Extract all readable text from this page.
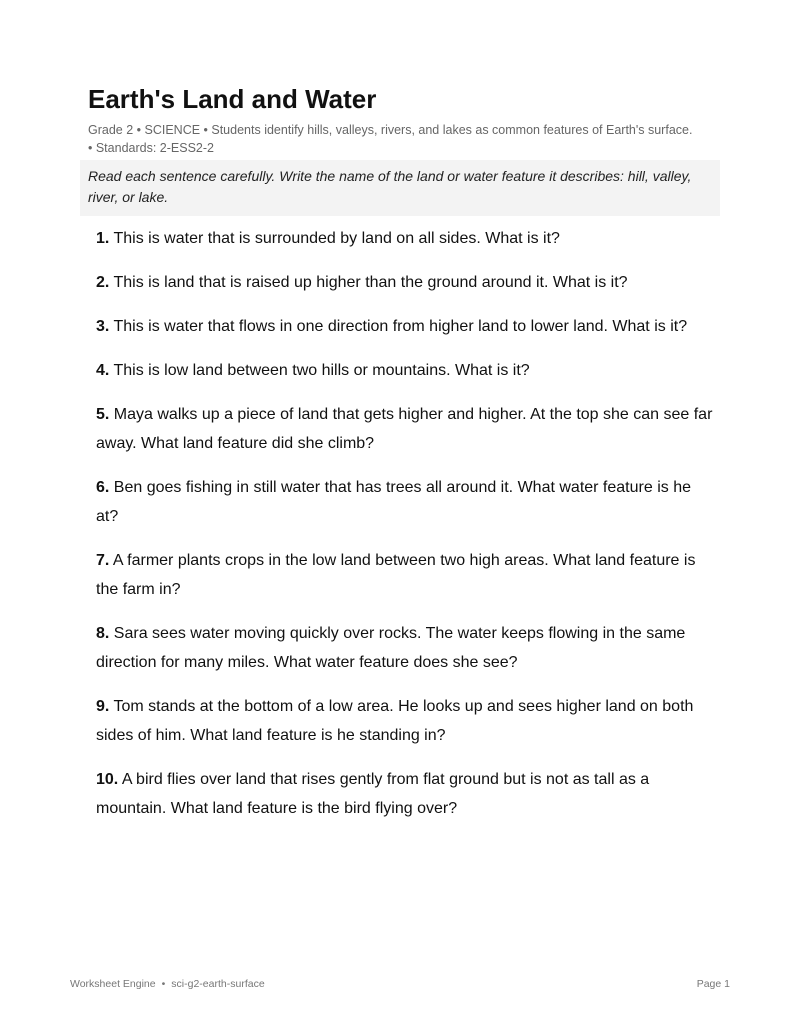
Earth's Land and Water
Grade 2 • SCIENCE • Students identify hills, valleys, rivers, and lakes as common features of Earth's surface. • Standards: 2-ESS2-2
Read each sentence carefully. Write the name of the land or water feature it describes: hill, valley, river, or lake.
1. This is water that is surrounded by land on all sides. What is it?
2. This is land that is raised up higher than the ground around it. What is it?
3. This is water that flows in one direction from higher land to lower land. What is it?
4. This is low land between two hills or mountains. What is it?
5. Maya walks up a piece of land that gets higher and higher. At the top she can see far away. What land feature did she climb?
6. Ben goes fishing in still water that has trees all around it. What water feature is he at?
7. A farmer plants crops in the low land between two high areas. What land feature is the farm in?
8. Sara sees water moving quickly over rocks. The water keeps flowing in the same direction for many miles. What water feature does she see?
9. Tom stands at the bottom of a low area. He looks up and sees higher land on both sides of him. What land feature is he standing in?
10. A bird flies over land that rises gently from flat ground but is not as tall as a mountain. What land feature is the bird flying over?
Worksheet Engine • sci-g2-earth-surface	Page 1
